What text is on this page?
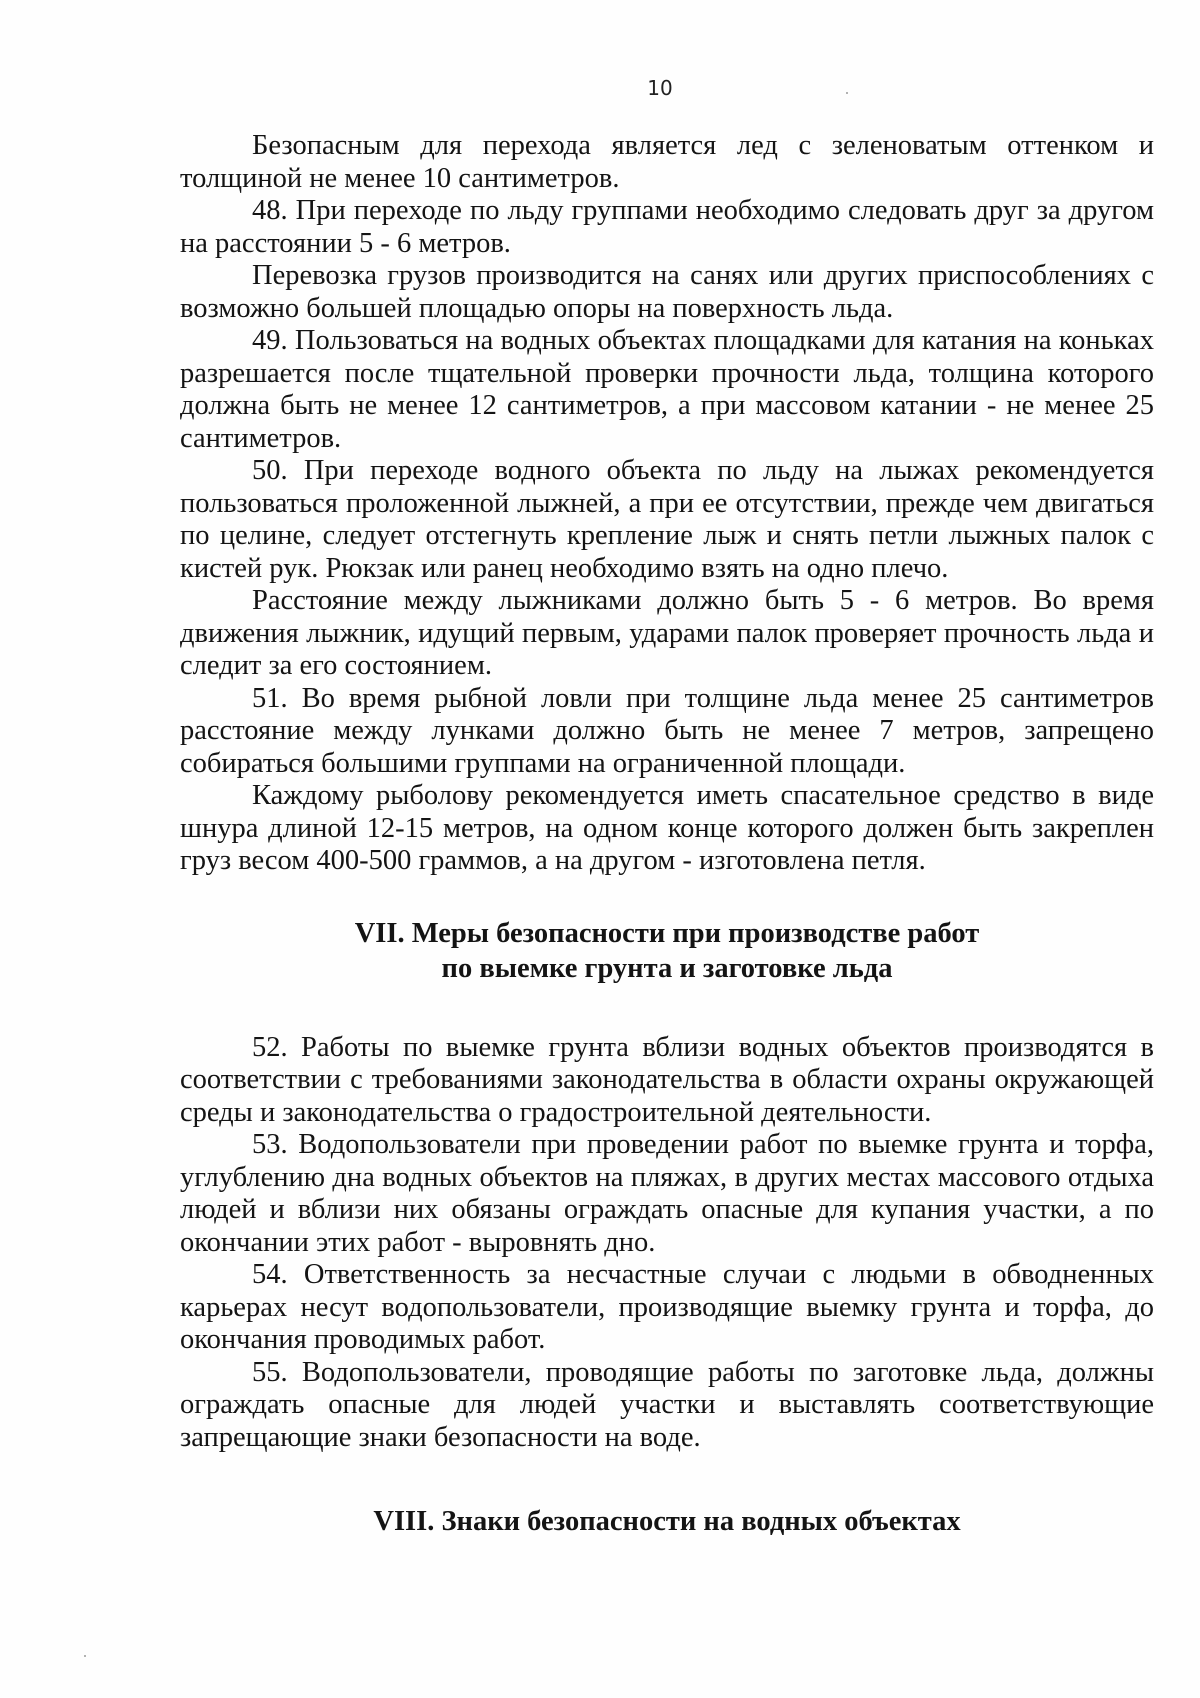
10

Безопасным для перехода является лед с зеленоватым оттенком и толщиной не менее 10 сантиметров.

48. При переходе по льду группами необходимо следовать друг за другом на расстоянии 5 - 6 метров.

Перевозка грузов производится на санях или других приспособлениях с возможно большей площадью опоры на поверхность льда.

49. Пользоваться на водных объектах площадками для катания на коньках разрешается после тщательной проверки прочности льда, толщина которого должна быть не менее 12 сантиметров, а при массовом катании - не менее 25 сантиметров.

50. При переходе водного объекта по льду на лыжах рекомендуется пользоваться проложенной лыжней, а при ее отсутствии, прежде чем двигаться по целине, следует отстегнуть крепление лыж и снять петли лыжных палок с кистей рук. Рюкзак или ранец необходимо взять на одно плечо.

Расстояние между лыжниками должно быть 5 - 6 метров. Во время движения лыжник, идущий первым, ударами палок проверяет прочность льда и следит за его состоянием.

51. Во время рыбной ловли при толщине льда менее 25 сантиметров расстояние между лунками должно быть не менее 7 метров, запрещено собираться большими группами на ограниченной площади.

Каждому рыболову рекомендуется иметь спасательное средство в виде шнура длиной 12-15 метров, на одном конце которого должен быть закреплен груз весом 400-500 граммов, а на другом - изготовлена петля.

VII. Меры безопасности при производстве работ
по выемке грунта и заготовке льда

52. Работы по выемке грунта вблизи водных объектов производятся в соответствии с требованиями законодательства в области охраны окружающей среды и законодательства о градостроительной деятельности.

53. Водопользователи при проведении работ по выемке грунта и торфа, углублению дна водных объектов на пляжах, в других местах массового отдыха людей и вблизи них обязаны ограждать опасные для купания участки, а по окончании этих работ - выровнять дно.

54. Ответственность за несчастные случаи с людьми в обводненных карьерах несут водопользователи, производящие выемку грунта и торфа, до окончания проводимых работ.

55. Водопользователи, проводящие работы по заготовке льда, должны ограждать опасные для людей участки и выставлять соответствующие запрещающие знаки безопасности на воде.

VIII. Знаки безопасности на водных объектах
